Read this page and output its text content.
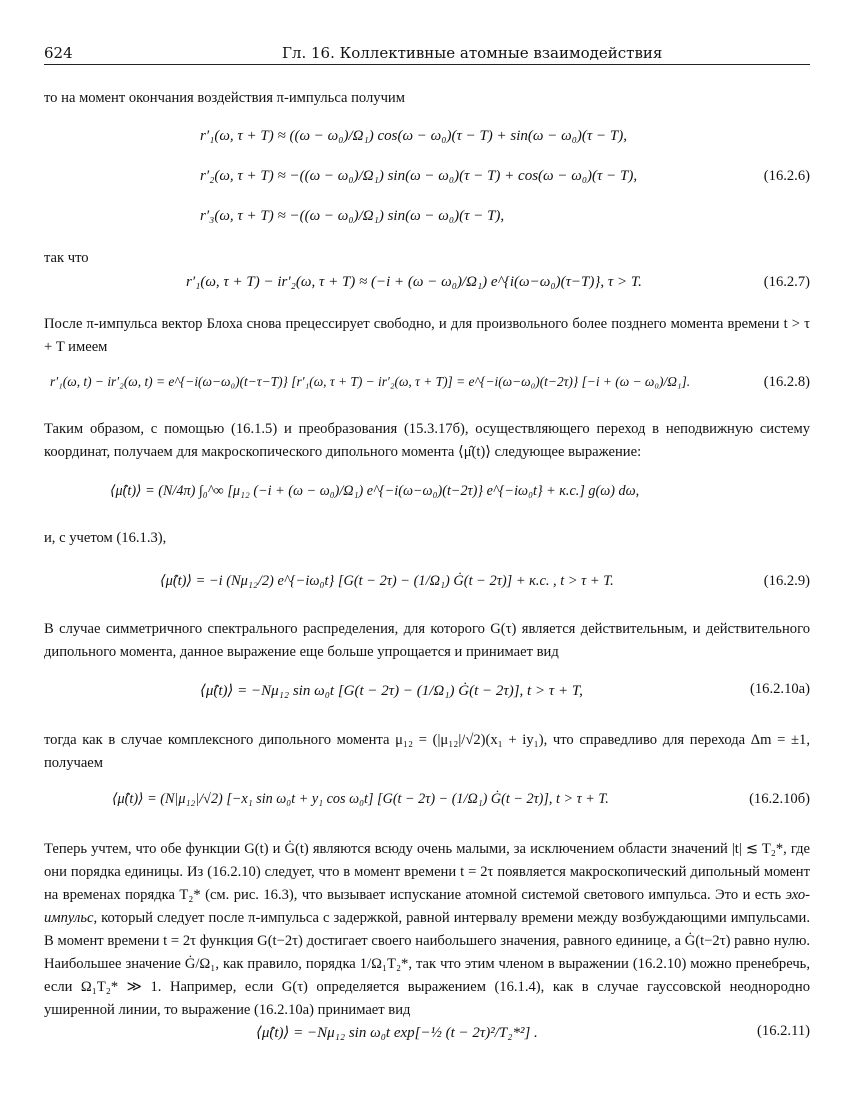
624	Гл. 16. Коллективные атомные взаимодействия
то на момент окончания воздействия π-импульса получим
r′₁(ω, τ + T) ≈ ((ω − ω₀)/Ω₁) cos(ω − ω₀)(τ − T) + sin(ω − ω₀)(τ − T),
r′₂(ω, τ + T) ≈ −((ω − ω₀)/Ω₁) sin(ω − ω₀)(τ − T) + cos(ω − ω₀)(τ − T),
r′₃(ω, τ + T) ≈ −((ω − ω₀)/Ω₁) sin(ω − ω₀)(τ − T),
(16.2.6)
так что
r′₁(ω, τ + T) − ir′₂(ω, τ + T) ≈ (−i + (ω − ω₀)/Ω₁) e^{i(ω−ω₀)(τ−T)}, τ > T.	(16.2.7)
После π-импульса вектор Блоха снова прецессирует свободно, и для произвольного более позднего момента времени t > τ + T имеем
r′₁(ω, t) − ir′₂(ω, t) = e^{−i(ω−ω₀)(t−τ−T)} [r′₁(ω, τ + T) − ir′₂(ω, τ + T)] = e^{−i(ω−ω₀)(t−2τ)} [−i + (ω − ω₀)/Ω₁].	(16.2.8)
Таким образом, с помощью (16.1.5) и преобразования (15.3.17б), осуществляющего переход в неподвижную систему координат, получаем для макроскопического дипольного момента ⟨μ̂(t)⟩ следующее выражение:
⟨μ̂(t)⟩ = (N/4π) ∫₀^∞ [μ₁₂ (−i + (ω − ω₀)/Ω₁) e^{−i(ω−ω₀)(t−2τ)} e^{−iω₀t} + к.с.] g(ω) dω,
и, с учетом (16.1.3),
⟨μ̂(t)⟩ = −i (Nμ₁₂/2) e^{−iω₀t} [G(t − 2τ) − (1/Ω₁) Ġ(t − 2τ)] + к.с. , t > τ + T.	(16.2.9)
В случае симметричного спектрального распределения, для которого G(τ) является действительным, и действительного дипольного момента, данное выражение еще больше упрощается и принимает вид
⟨μ̂(t)⟩ = −Nμ₁₂ sin ω₀t [G(t − 2τ) − (1/Ω₁) Ġ(t − 2τ)], t > τ + T,	(16.2.10а)
тогда как в случае комплексного дипольного момента μ₁₂ = (|μ₁₂|/√2)(x₁ + iy₁), что справедливо для перехода Δm = ±1, получаем
⟨μ̂(t)⟩ = (N|μ₁₂|/√2) [−x₁ sin ω₀t + y₁ cos ω₀t] [G(t − 2τ) − (1/Ω₁) Ġ(t − 2τ)], t > τ + T.	(16.2.10б)
Теперь учтем, что обе функции G(t) и Ġ(t) являются всюду очень малыми, за исключением области значений |t| ≲ T₂*, где они порядка единицы. Из (16.2.10) следует, что в момент времени t = 2τ появляется макроскопический дипольный момент на временах порядка T₂* (см. рис. 16.3), что вызывает испускание атомной системой светового импульса. Это и есть эхо-импульс, который следует после π-импульса с задержкой, равной интервалу времени между возбуждающими импульсами. В момент времени t = 2τ функция G(t−2τ) достигает своего наибольшего значения, равного единице, а Ġ(t−2τ) равно нулю. Наибольшее значение Ġ/Ω₁, как правило, порядка 1/Ω₁T₂*, так что этим членом в выражении (16.2.10) можно пренебречь, если Ω₁T₂* ≫ 1. Например, если G(τ) определяется выражением (16.1.4), как в случае гауссовской неоднородно уширенной линии, то выражение (16.2.10а) принимает вид
⟨μ̂(t)⟩ = −Nμ₁₂ sin ω₀t exp[−½ (t − 2τ)²/T₂*²] .	(16.2.11)
